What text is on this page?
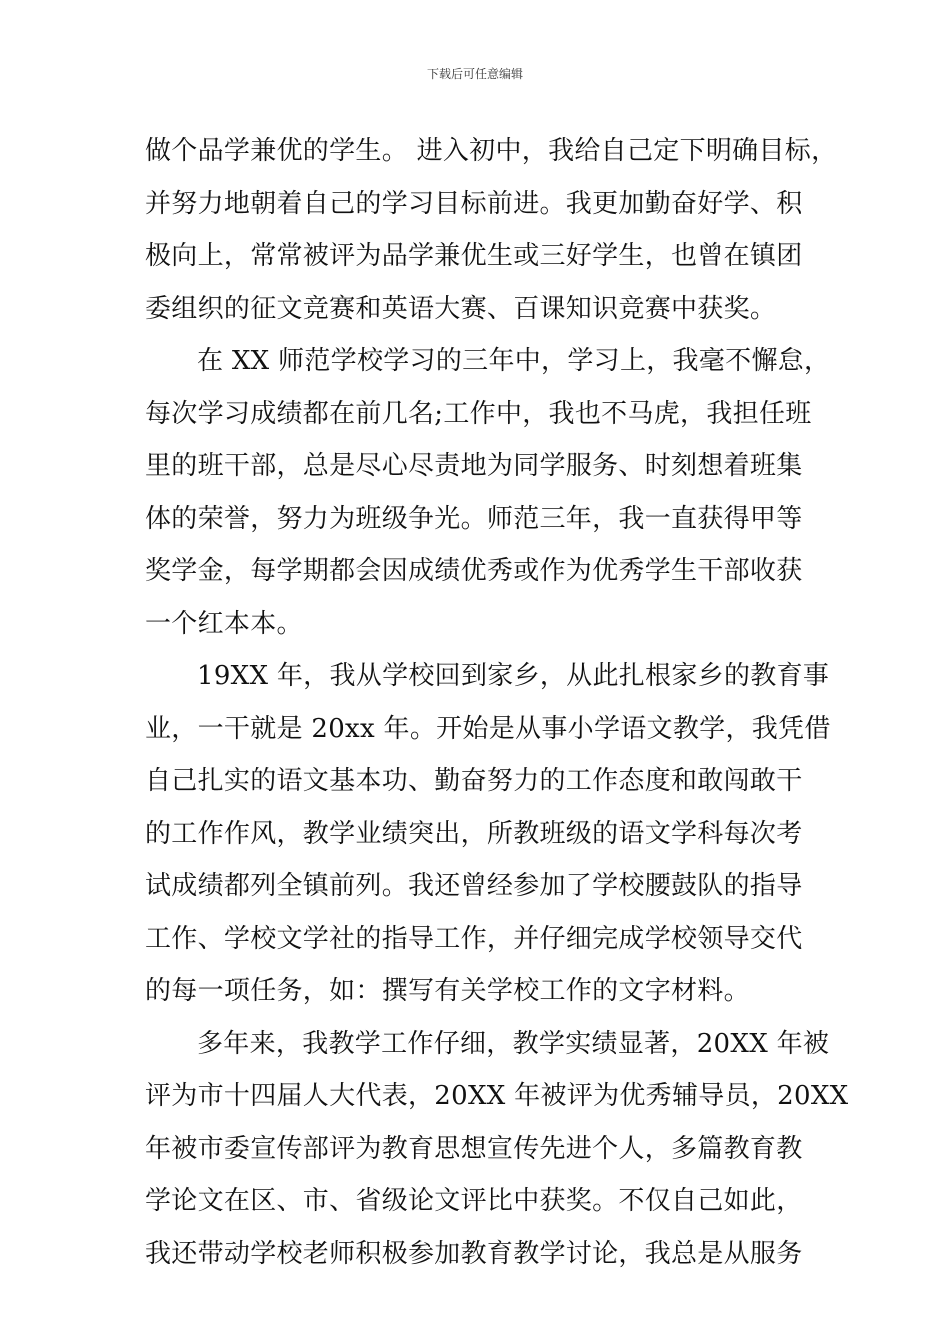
下载后可任意编辑
做个品学兼优的学生。 进入初中，我给自己定下明确目标，
并努力地朝着自己的学习目标前进。我更加勤奋好学、积
极向上，常常被评为品学兼优生或三好学生，也曾在镇团
委组织的征文竞赛和英语大赛、百课知识竞赛中获奖。
在 XX 师范学校学习的三年中，学习上，我毫不懈怠，
每次学习成绩都在前几名;工作中，我也不马虎，我担任班
里的班干部，总是尽心尽责地为同学服务、时刻想着班集
体的荣誉，努力为班级争光。师范三年，我一直获得甲等
奖学金，每学期都会因成绩优秀或作为优秀学生干部收获
一个红本本。
19XX 年，我从学校回到家乡，从此扎根家乡的教育事
业，一干就是 20xx 年。开始是从事小学语文教学，我凭借
自己扎实的语文基本功、勤奋努力的工作态度和敢闯敢干
的工作作风，教学业绩突出，所教班级的语文学科每次考
试成绩都列全镇前列。我还曾经参加了学校腰鼓队的指导
工作、学校文学社的指导工作，并仔细完成学校领导交代
的每一项任务，如：撰写有关学校工作的文字材料。
多年来，我教学工作仔细，教学实绩显著，20XX 年被
评为市十四届人大代表，20XX 年被评为优秀辅导员，20XX
年被市委宣传部评为教育思想宣传先进个人，多篇教育教
学论文在区、市、省级论文评比中获奖。不仅自己如此，
我还带动学校老师积极参加教育教学讨论，我总是从服务
